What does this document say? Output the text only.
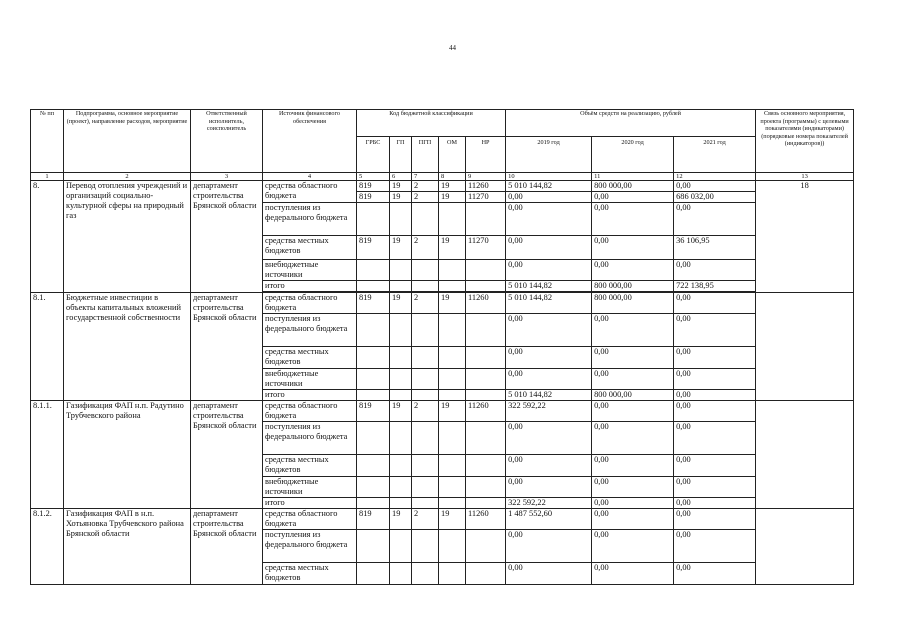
44
№ пп	Подпрограмма, основное мероприятие (проект), направление расходов, мероприятие	Ответственный исполнитель, соисполнитель	Источник финансового обеспечения	Код бюджетной классификации					Объём средств на реализацию, рублей			Связь основного мероприятия, проекта (программы) с целевыми показателями (индикаторами) (порядковые номера показателей (индикаторов))
				ГРБС	ГП	ПГП	ОМ	НР	2019 год	2020 год	2021 год	
1	2	3	4	5	6	7	8	9	10	11	12	13
8.	Перевод отопления учреждений и организаций социально-культурной сферы на природный газ	департамент строительства Брянской области	средства областного бюджета	819	19	2	19	11260	5 010 144,82	800 000,00	0,00	18
				819	19	2	19	11270	0,00	0,00	686 032,00	
			поступления из федерального бюджета						0,00	0,00	0,00	
			средства местных бюджетов	819	19	2	19	11270	0,00	0,00	36 106,95	
			внебюджетные источники						0,00	0,00	0,00	
			итого						5 010 144,82	800 000,00	722 138,95	

8.1.	Бюджетные инвестиции в объекты капитальных вложений государственной собственности	департамент строительства Брянской области	средства областного бюджета	819	19	2	19	11260	5 010 144,82	800 000,00	0,00	
			поступления из федерального бюджета						0,00	0,00	0,00	
			средства местных бюджетов						0,00	0,00	0,00	
			внебюджетные источники						0,00	0,00	0,00	
			итого						5 010 144,82	800 000,00	0,00	
8.1.1.	Газификация ФАП н.п. Радутино Трубчевского района	департамент строительства Брянской области	средства областного бюджета	819	19	2	19	11260	322 592,22	0,00	0,00	
			поступления из федерального бюджета						0,00	0,00	0,00	
			средства местных бюджетов						0,00	0,00	0,00	
			внебюджетные источники						0,00	0,00	0,00	
			итого						322 592,22	0,00	0,00	
8.1.2.	Газификация ФАП в н.п. Хотьяновка Трубчевского района Брянской области	департамент строительства Брянской области	средства областного бюджета	819	19	2	19	11260	1 487 552,60	0,00	0,00	
			поступления из федерального бюджета						0,00	0,00	0,00	
			средства местных бюджетов						0,00	0,00	0,00	
